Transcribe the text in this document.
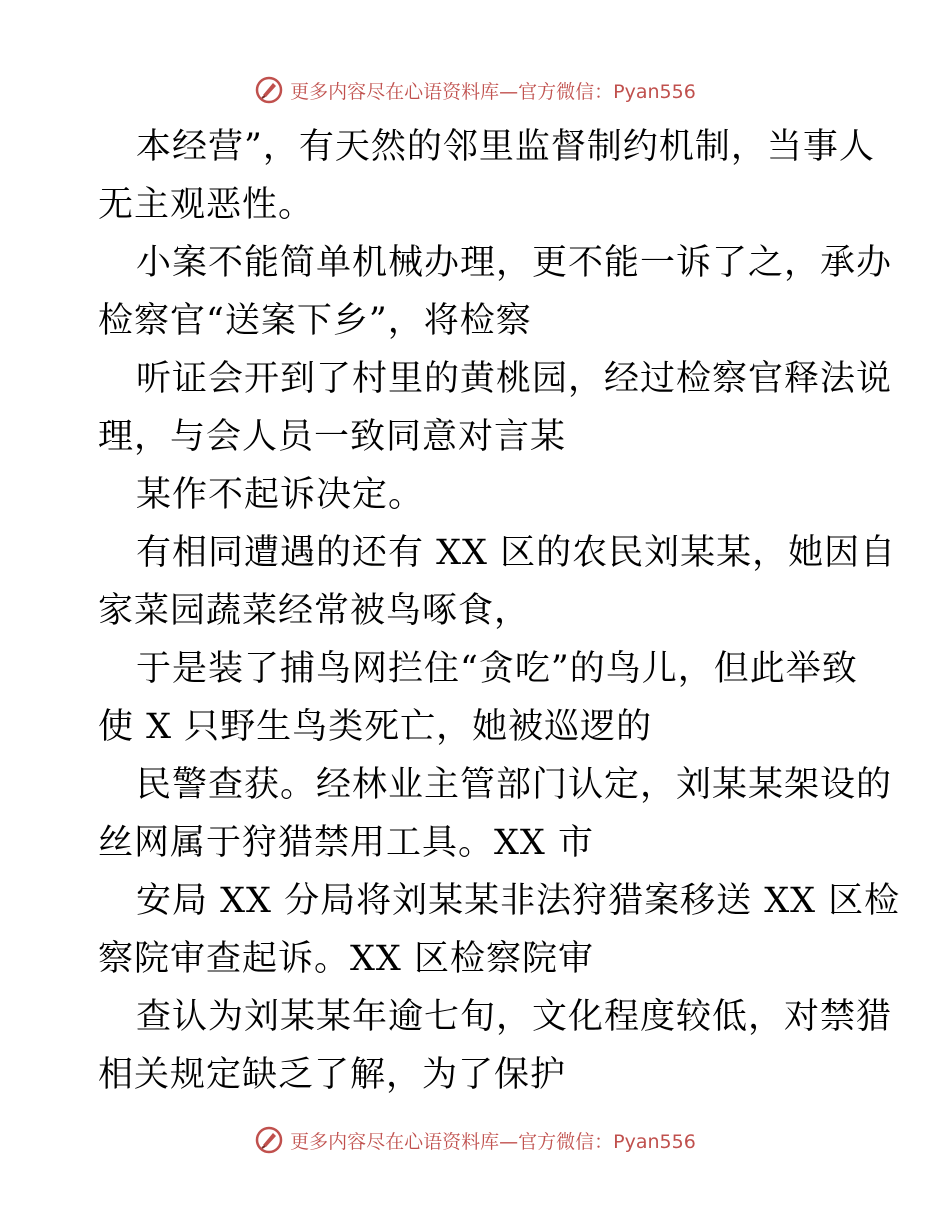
更多内容尽在心语资料库—官方微信：Pyan556

本经营”，有天然的邻里监督制约机制，当事人
无主观恶性。

小案不能简单机械办理，更不能一诉了之，承办
检察官“送案下乡”，将检察

听证会开到了村里的黄桃园，经过检察官释法说
理，与会人员一致同意对言某

某作不起诉决定。

有相同遭遇的还有 XX 区的农民刘某某，她因自
家菜园蔬菜经常被鸟啄食，

于是装了捕鸟网拦住“贪吃”的鸟儿，但此举致
使 X 只野生鸟类死亡，她被巡逻的

民警查获。经林业主管部门认定，刘某某架设的
丝网属于狩猎禁用工具。XX 市

安局 XX 分局将刘某某非法狩猎案移送 XX 区检
察院审查起诉。XX 区检察院审

查认为刘某某年逾七旬，文化程度较低，对禁猎
相关规定缺乏了解，为了保护

更多内容尽在心语资料库—官方微信：Pyan556
